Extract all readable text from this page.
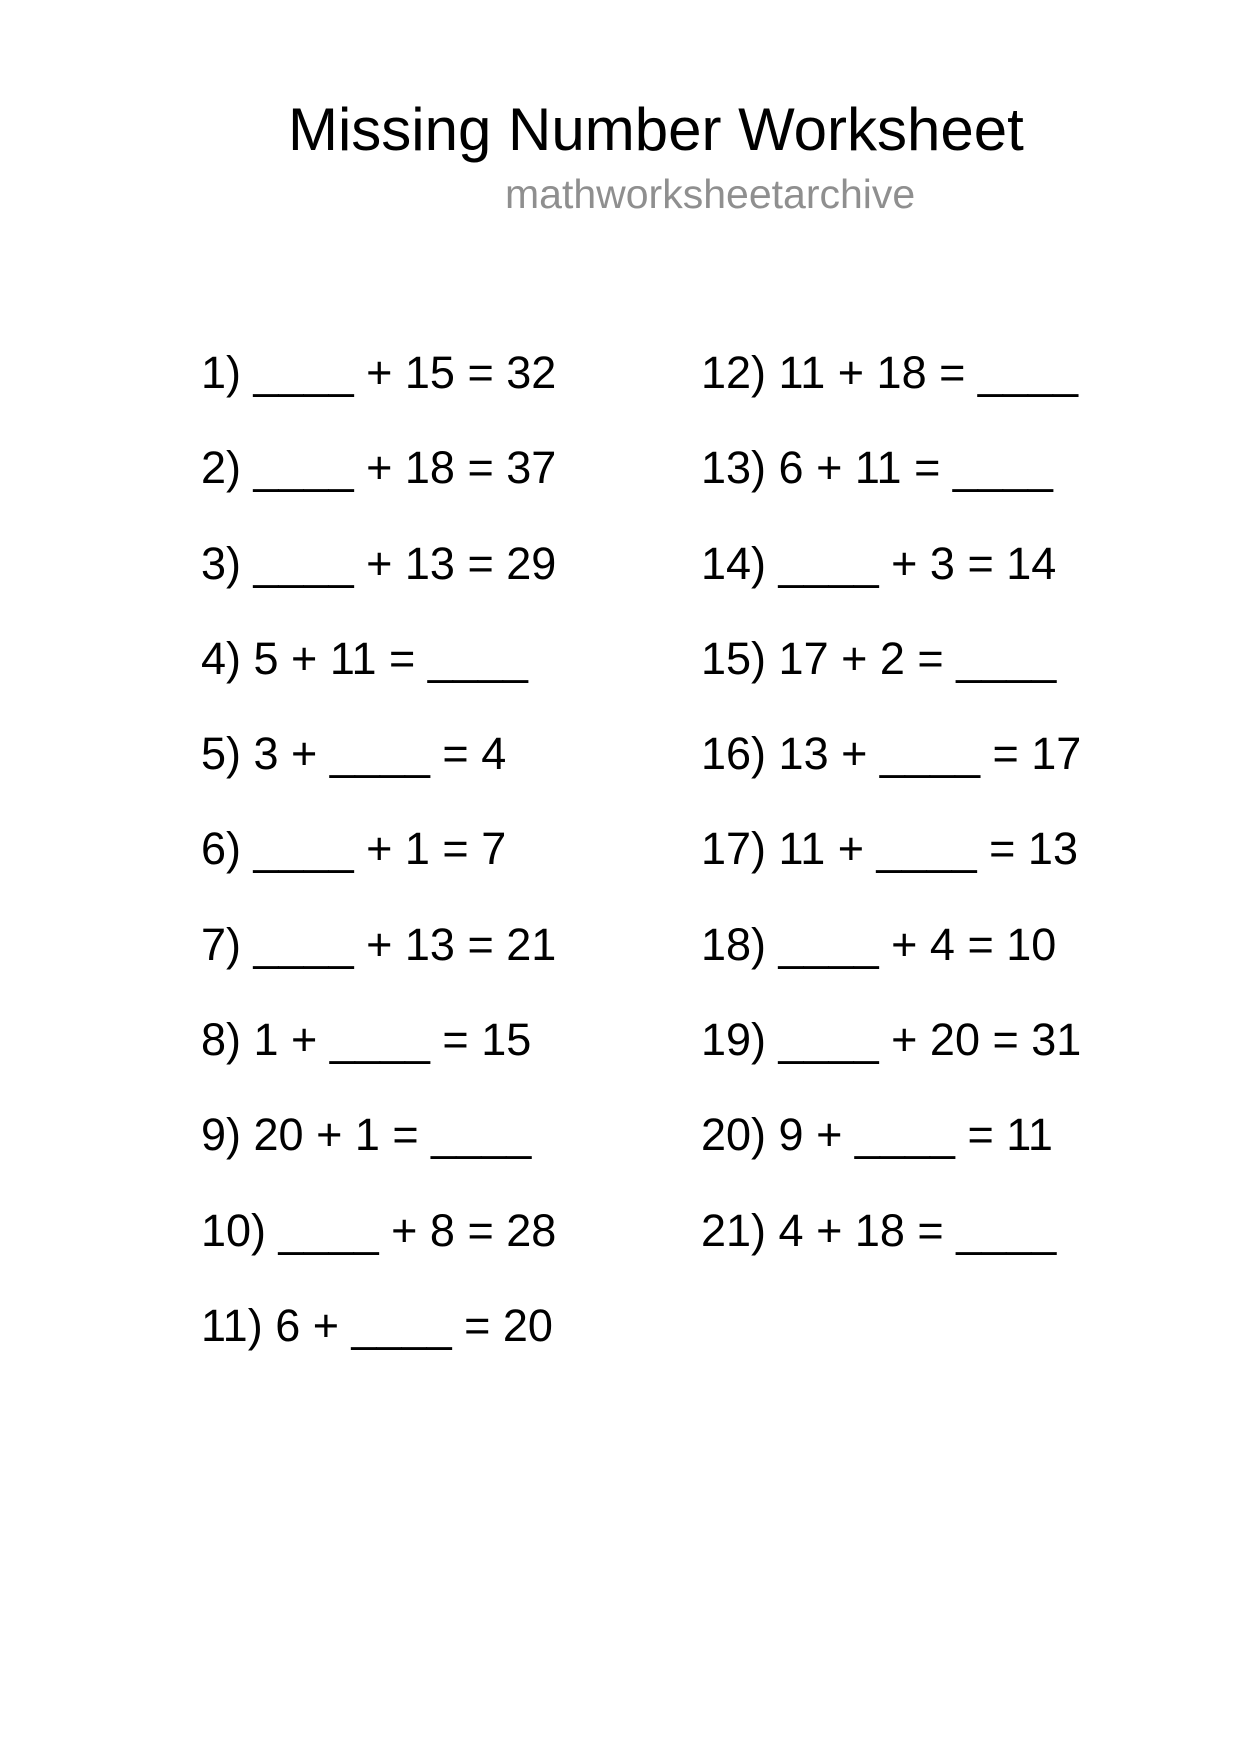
Missing Number Worksheet
mathworksheetarchive
1) ____ + 15 = 32
2) ____ + 18 = 37
3) ____ + 13 = 29
4) 5 + 11 = ____
5) 3 + ____ = 4
6) ____ + 1 = 7
7) ____ + 13 = 21
8) 1 + ____ = 15
9) 20 + 1 = ____
10) ____ + 8 = 28
11) 6 + ____ = 20
12) 11 + 18 = ____
13) 6 + 11 = ____
14) ____ + 3 = 14
15) 17 + 2 = ____
16) 13 + ____ = 17
17) 11 + ____ = 13
18) ____ + 4 = 10
19) ____ + 20 = 31
20) 9 + ____ = 11
21) 4 + 18 = ____
